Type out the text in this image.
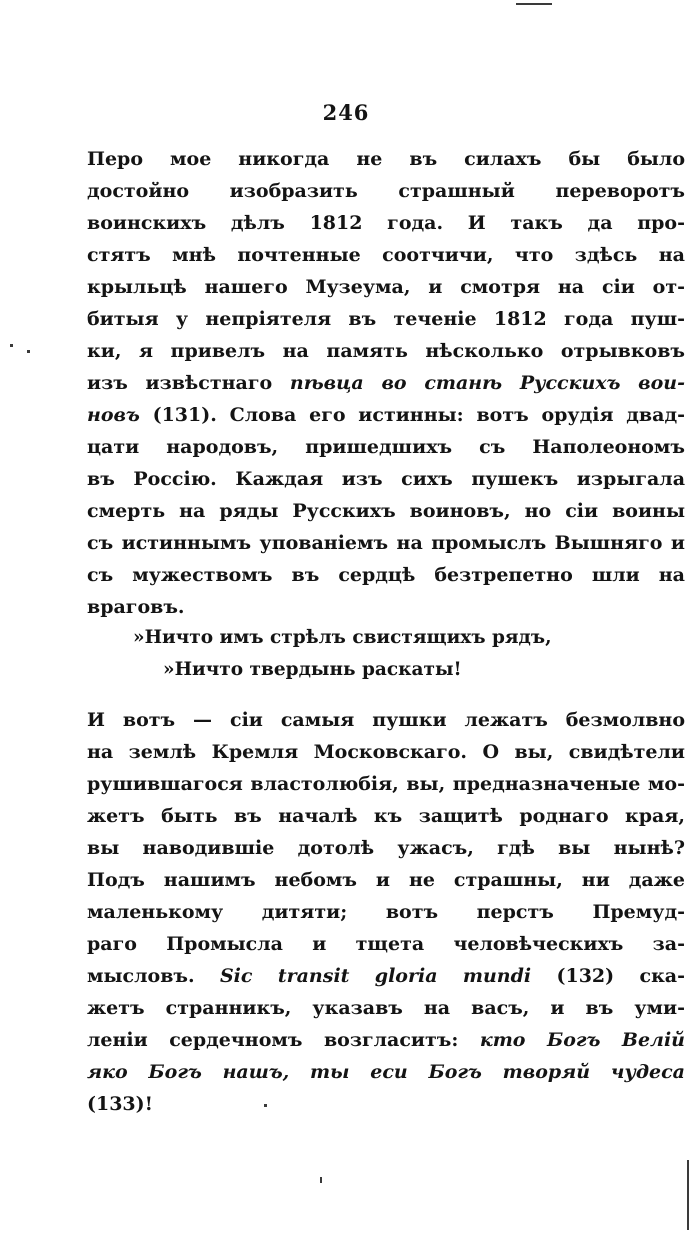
246
Перо мое никогда не въ силахъ бы было
достойно изобразить страшный переворотъ
воинскихъ дѣлъ 1812 года. И такъ да про-
стятъ мнѣ почтенные соотчичи, что здѣсь на
крыльцѣ нашего Музеума, и смотря на сіи от-
битыя у непріятеля въ теченіе 1812 года пуш-
ки, я привелъ на память нѣсколько отрывковъ
изъ извѣстнаго пѣвца во станѣ Русскихъ вои-
новъ (131). Слова его истинны: вотъ орудія двад-
цати народовъ, пришедшихъ съ Наполеономъ
въ Россію. Каждая изъ сихъ пушекъ изрыгала
смерть на ряды Русскихъ воиновъ, но сіи воины
съ истиннымъ упованіемъ на промыслъ Вышняго и
съ мужествомъ въ сердцѣ безтрепетно шли на
враговъ.
»Ничто имъ стрѣлъ свистящихъ рядъ,
»Ничто твердынь раскаты!
И вотъ — сіи самыя пушки лежатъ безмолвно
на землѣ Кремля Московскаго. О вы, свидѣтели
рушившагося властолюбія, вы, предназначеные мо-
жетъ быть въ началѣ къ защитѣ роднаго края,
вы наводившіе дотолѣ ужасъ, гдѣ вы нынѣ?
Подъ нашимъ небомъ и не страшны, ни даже
маленькому дитяти; вотъ перстъ Премуд-
раго Промысла и тщета человѣческихъ за-
мысловъ. Sic transit gloria mundi (132) ска-
жетъ странникъ, указавъ на васъ, и въ уми-
леніи сердечномъ возгласитъ: кто Богъ Велій
яко Богъ нашъ, ты еси Богъ творяй чудеса
(133)!
